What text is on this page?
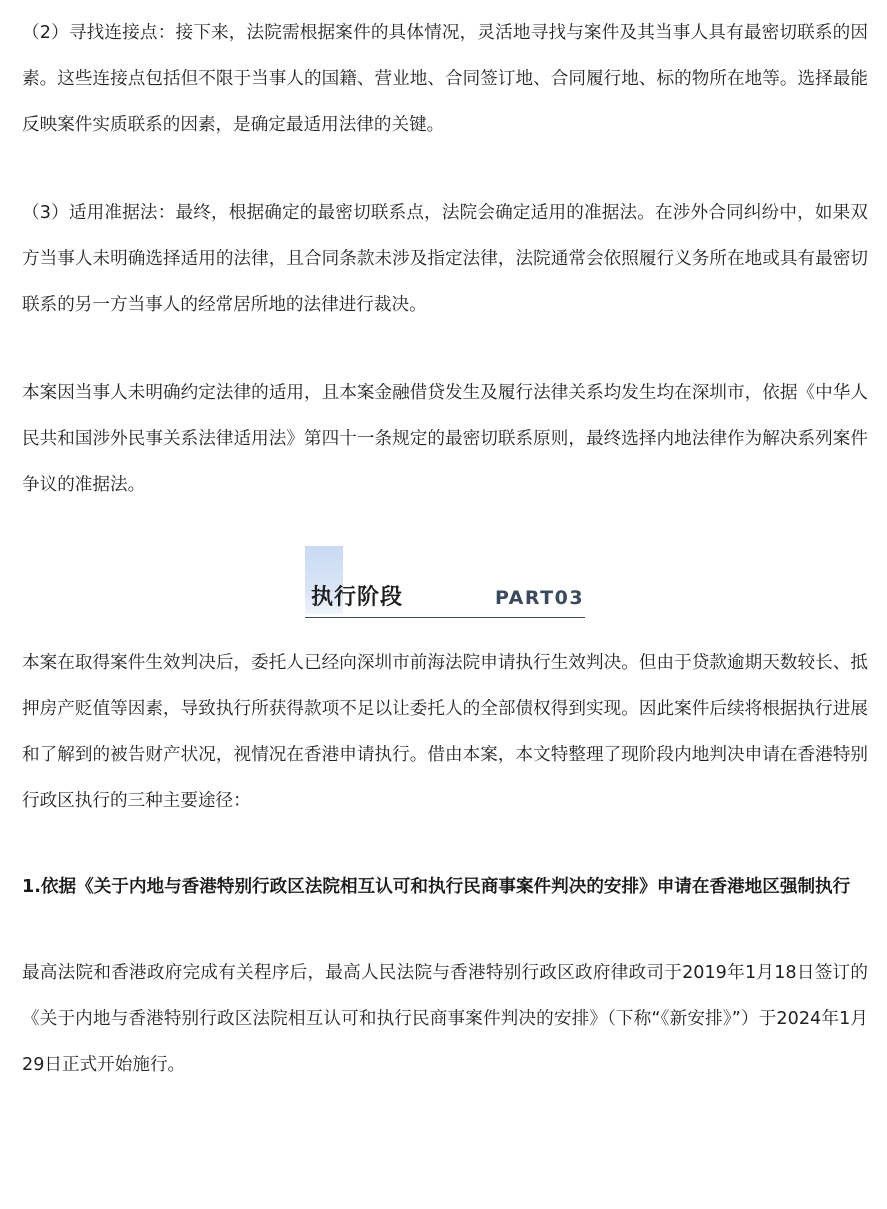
（2）寻找连接点：接下来，法院需根据案件的具体情况，灵活地寻找与案件及其当事人具有最密切联系的因素。这些连接点包括但不限于当事人的国籍、营业地、合同签订地、合同履行地、标的物所在地等。选择最能反映案件实质联系的因素，是确定最适用法律的关键。

（3）适用准据法：最终，根据确定的最密切联系点，法院会确定适用的准据法。在涉外合同纠纷中，如果双方当事人未明确选择适用的法律，且合同条款未涉及指定法律，法院通常会依照履行义务所在地或具有最密切联系的另一方当事人的经常居所地的法律进行裁决。

本案因当事人未明确约定法律的适用，且本案金融借贷发生及履行法律关系均发生均在深圳市，依据《中华人民共和国涉外民事关系法律适用法》第四十一条规定的最密切联系原则，最终选择内地法律作为解决系列案件争议的准据法。

执行阶段	PART03

本案在取得案件生效判决后，委托人已经向深圳市前海法院申请执行生效判决。但由于贷款逾期天数较长、抵押房产贬值等因素，导致执行所获得款项不足以让委托人的全部债权得到实现。因此案件后续将根据执行进展和了解到的被告财产状况，视情况在香港申请执行。借由本案，本文特整理了现阶段内地判决申请在香港特别行政区执行的三种主要途径：

1.依据《关于内地与香港特别行政区法院相互认可和执行民商事案件判决的安排》申请在香港地区强制执行

最高法院和香港政府完成有关程序后，最高人民法院与香港特别行政区政府律政司于2019年1月18日签订的《关于内地与香港特别行政区法院相互认可和执行民商事案件判决的安排》（下称“《新安排》”）于2024年1月29日正式开始施行。
